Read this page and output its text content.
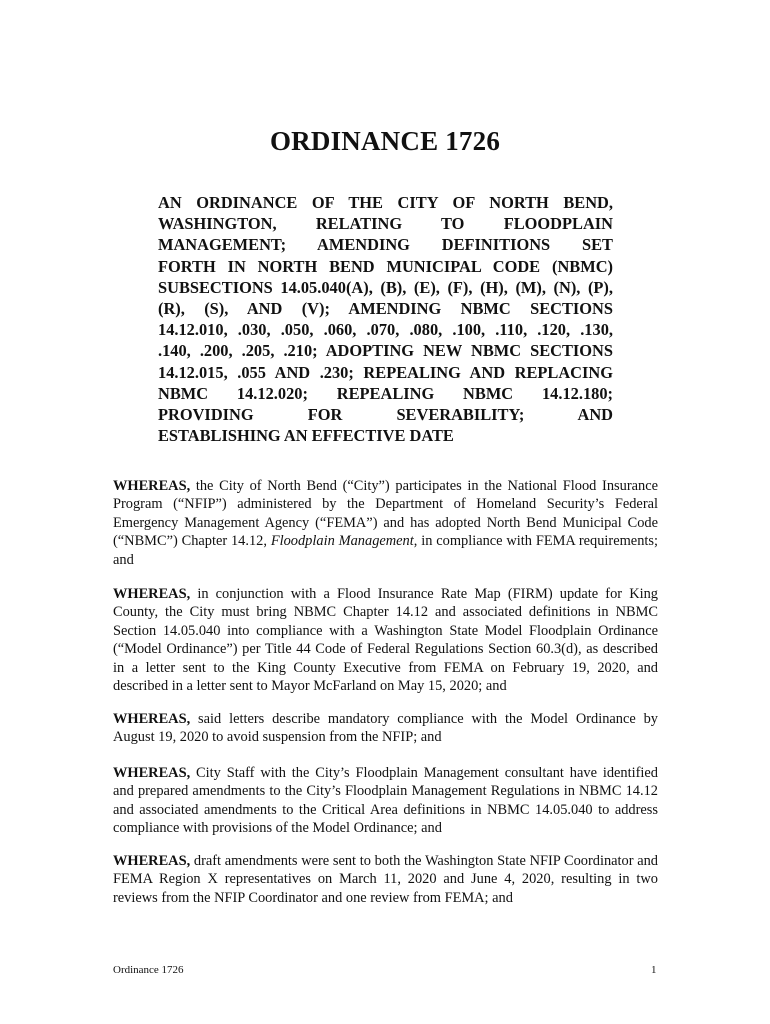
ORDINANCE 1726
AN ORDINANCE OF THE CITY OF NORTH BEND,
WASHINGTON, RELATING TO FLOODPLAIN
MANAGEMENT; AMENDING DEFINITIONS SET
FORTH IN NORTH BEND MUNICIPAL CODE (NBMC)
SUBSECTIONS 14.05.040(A), (B), (E), (F), (H), (M), (N), (P),
(R), (S), AND (V); AMENDING NBMC SECTIONS
14.12.010, .030, .050, .060, .070, .080, .100, .110, .120, .130,
.140, .200, .205, .210; ADOPTING NEW NBMC SECTIONS
14.12.015, .055 AND .230; REPEALING AND REPLACING
NBMC 14.12.020; REPEALING NBMC 14.12.180;
PROVIDING FOR SEVERABILITY; AND
ESTABLISHING AN EFFECTIVE DATE

WHEREAS, the City of North Bend (“City”) participates in the National Flood Insurance Program (“NFIP”) administered by the Department of Homeland Security’s Federal Emergency Management Agency (“FEMA”) and has adopted North Bend Municipal Code (“NBMC”) Chapter 14.12, Floodplain Management, in compliance with FEMA requirements; and

WHEREAS, in conjunction with a Flood Insurance Rate Map (FIRM) update for King County, the City must bring NBMC Chapter 14.12 and associated definitions in NBMC Section 14.05.040 into compliance with a Washington State Model Floodplain Ordinance (“Model Ordinance”) per Title 44 Code of Federal Regulations Section 60.3(d), as described in a letter sent to the King County Executive from FEMA on February 19, 2020, and described in a letter sent to Mayor McFarland on May 15, 2020; and

WHEREAS, said letters describe mandatory compliance with the Model Ordinance by August 19, 2020 to avoid suspension from the NFIP; and

WHEREAS, City Staff with the City’s Floodplain Management consultant have identified and prepared amendments to the City’s Floodplain Management Regulations in NBMC 14.12 and associated amendments to the Critical Area definitions in NBMC 14.05.040 to address compliance with provisions of the Model Ordinance; and

WHEREAS, draft amendments were sent to both the Washington State NFIP Coordinator and FEMA Region X representatives on March 11, 2020 and June 4, 2020, resulting in two reviews from the NFIP Coordinator and one review from FEMA; and

Ordinance 1726	1
